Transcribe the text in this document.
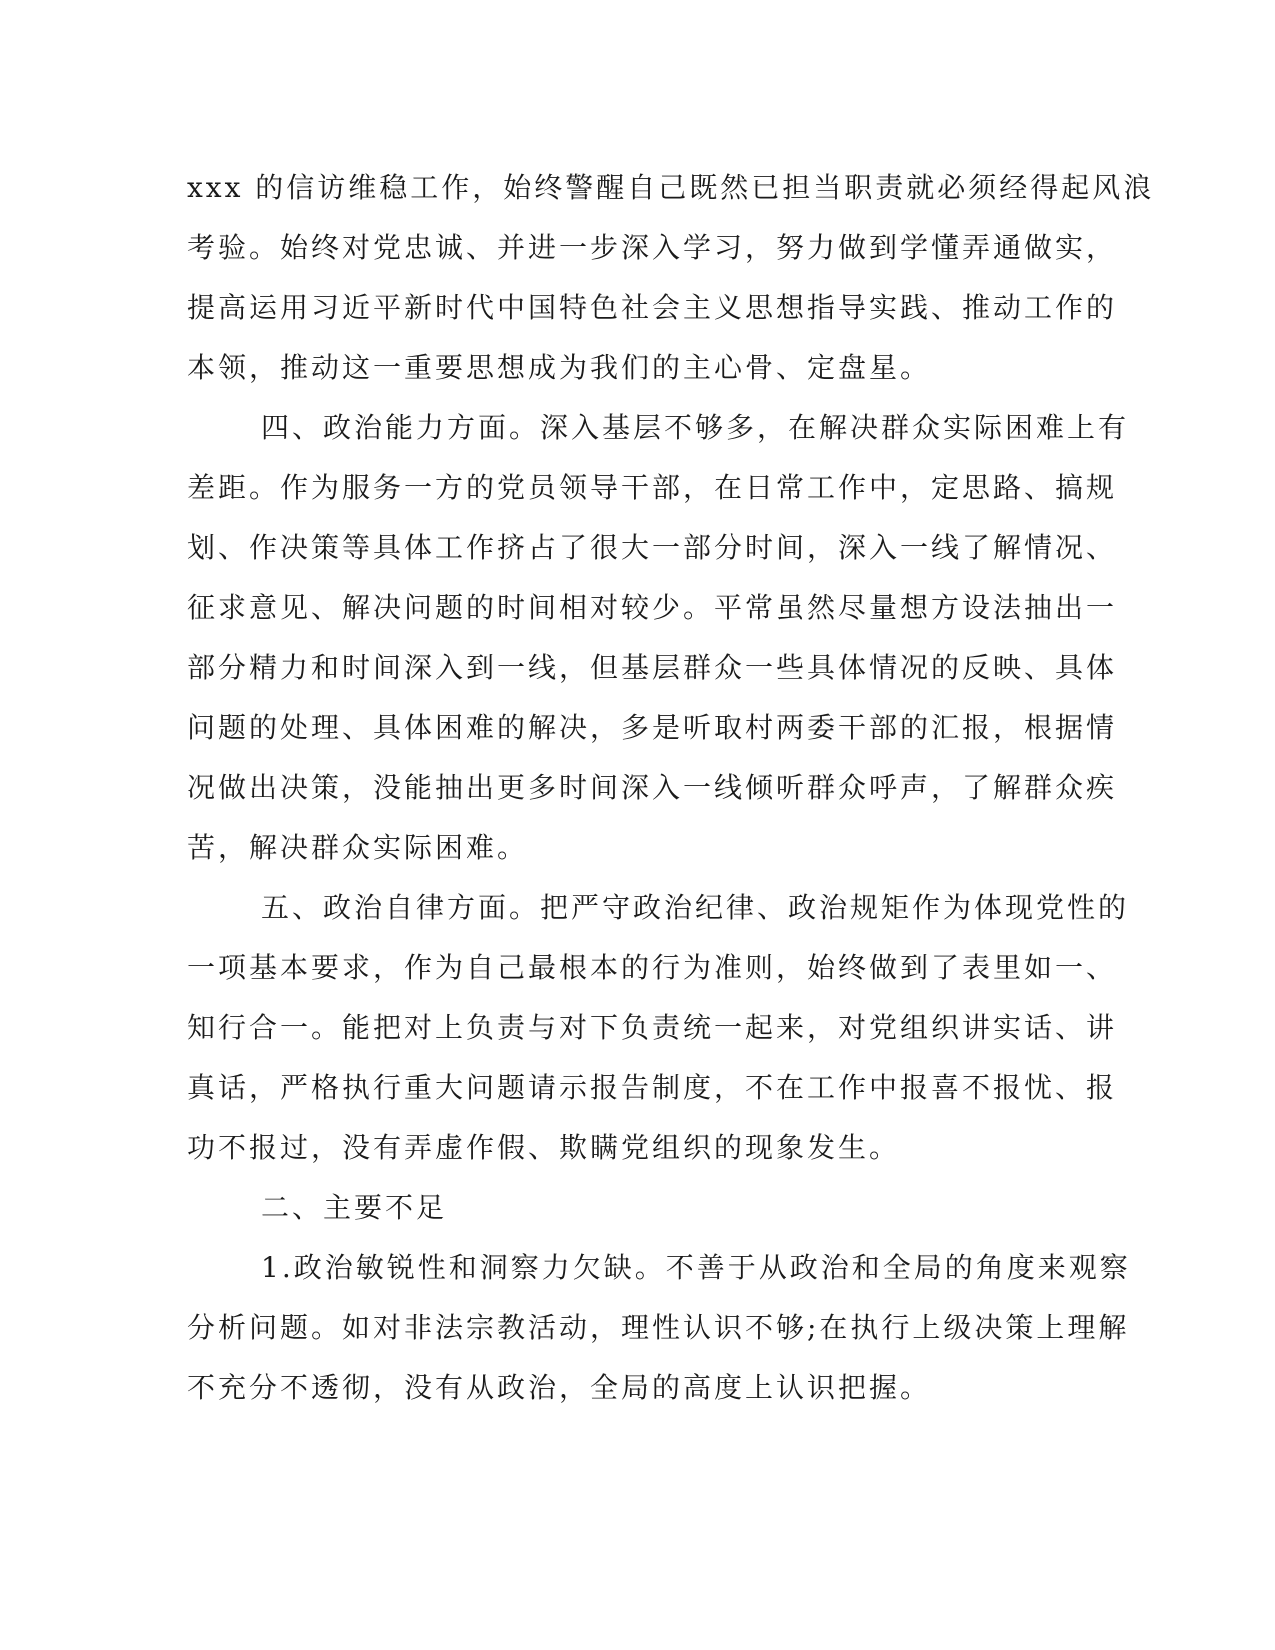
xxx 的信访维稳工作，始终警醒自己既然已担当职责就必须经得起风浪
考验。始终对党忠诚、并进一步深入学习，努力做到学懂弄通做实，
提高运用习近平新时代中国特色社会主义思想指导实践、推动工作的
本领，推动这一重要思想成为我们的主心骨、定盘星。
四、政治能力方面。深入基层不够多，在解决群众实际困难上有
差距。作为服务一方的党员领导干部，在日常工作中，定思路、搞规
划、作决策等具体工作挤占了很大一部分时间，深入一线了解情况、
征求意见、解决问题的时间相对较少。平常虽然尽量想方设法抽出一
部分精力和时间深入到一线，但基层群众一些具体情况的反映、具体
问题的处理、具体困难的解决，多是听取村两委干部的汇报，根据情
况做出决策，没能抽出更多时间深入一线倾听群众呼声，了解群众疾
苦，解决群众实际困难。
五、政治自律方面。把严守政治纪律、政治规矩作为体现党性的
一项基本要求，作为自己最根本的行为准则，始终做到了表里如一、
知行合一。能把对上负责与对下负责统一起来，对党组织讲实话、讲
真话，严格执行重大问题请示报告制度，不在工作中报喜不报忧、报
功不报过，没有弄虚作假、欺瞒党组织的现象发生。
二、主要不足
1.政治敏锐性和洞察力欠缺。不善于从政治和全局的角度来观察
分析问题。如对非法宗教活动，理性认识不够;在执行上级决策上理解
不充分不透彻，没有从政治，全局的高度上认识把握。
